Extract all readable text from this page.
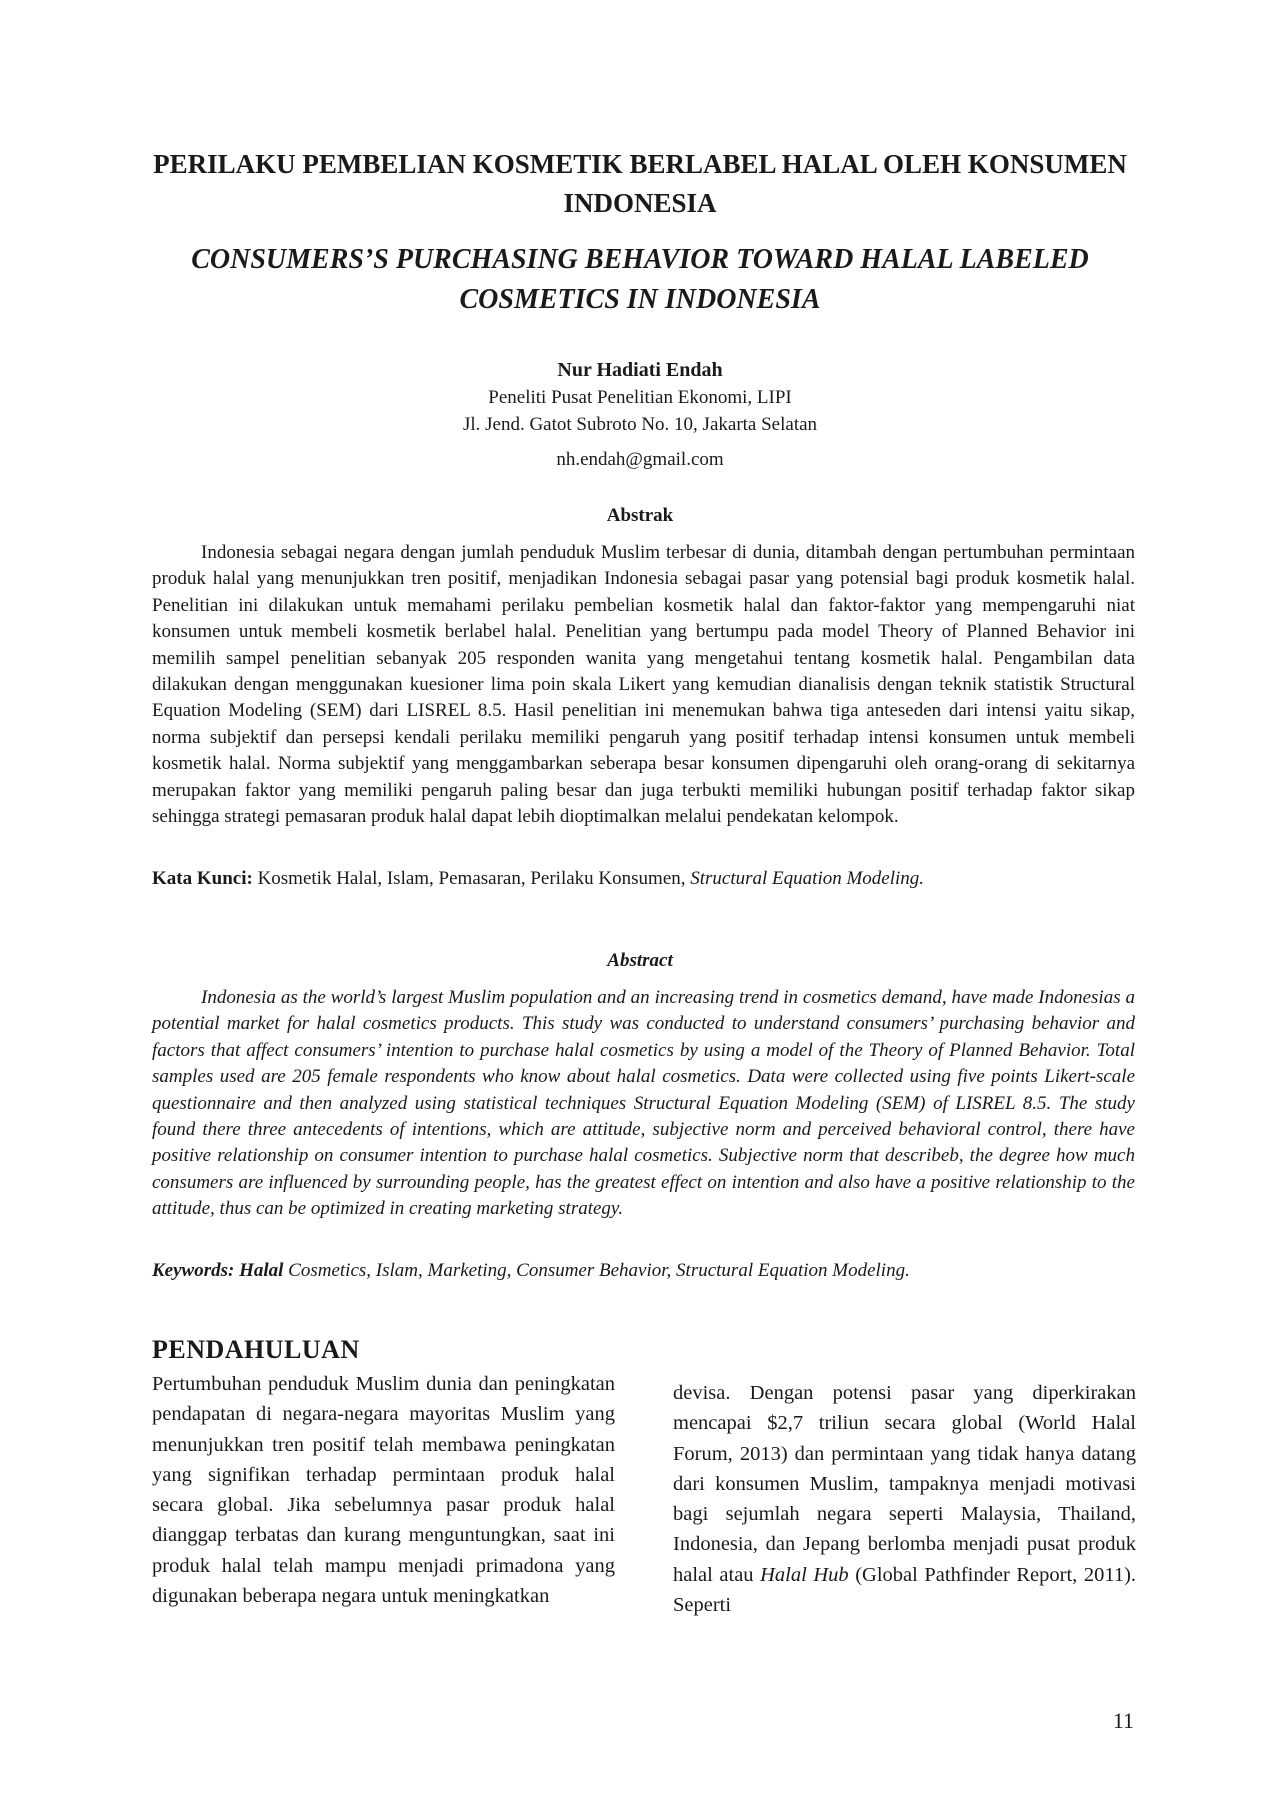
PERILAKU PEMBELIAN KOSMETIK BERLABEL HALAL OLEH KONSUMEN INDONESIA
CONSUMERS’S PURCHASING BEHAVIOR TOWARD HALAL LABELED COSMETICS IN INDONESIA
Nur Hadiati Endah
Peneliti Pusat Penelitian Ekonomi, LIPI
Jl. Jend. Gatot Subroto No. 10, Jakarta Selatan
nh.endah@gmail.com
Abstrak

Indonesia sebagai negara dengan jumlah penduduk Muslim terbesar di dunia, ditambah dengan pertumbuhan permintaan produk halal yang menunjukkan tren positif, menjadikan Indonesia sebagai pasar yang potensial bagi produk kosmetik halal. Penelitian ini dilakukan untuk memahami perilaku pembelian kosmetik halal dan faktor-faktor yang mempengaruhi niat konsumen untuk membeli kosmetik berlabel halal. Penelitian yang bertumpu pada model Theory of Planned Behavior ini memilih sampel penelitian sebanyak 205 responden wanita yang mengetahui tentang kosmetik halal. Pengambilan data dilakukan dengan menggunakan kuesioner lima poin skala Likert yang kemudian dianalisis dengan teknik statistik Structural Equation Modeling (SEM) dari LISREL 8.5. Hasil penelitian ini menemukan bahwa tiga anteseden dari intensi yaitu sikap, norma subjektif dan persepsi kendali perilaku memiliki pengaruh yang positif terhadap intensi konsumen untuk membeli kosmetik halal. Norma subjektif yang menggambarkan seberapa besar konsumen dipengaruhi oleh orang-orang di sekitarnya merupakan faktor yang memiliki pengaruh paling besar dan juga terbukti memiliki hubungan positif terhadap faktor sikap sehingga strategi pemasaran produk halal dapat lebih dioptimalkan melalui pendekatan kelompok.

Kata Kunci: Kosmetik Halal, Islam, Pemasaran, Perilaku Konsumen, Structural Equation Modeling.

Abstract

Indonesia as the world’s largest Muslim population and an increasing trend in cosmetics demand, have made Indonesias a potential market for halal cosmetics products. This study was conducted to understand consumers’ purchasing behavior and factors that affect consumers’ intention to purchase halal cosmetics by using a model of the Theory of Planned Behavior. Total samples used are 205 female respondents who know about halal cosmetics. Data were collected using five points Likert-scale questionnaire and then analyzed using statistical techniques Structural Equation Modeling (SEM) of LISREL 8.5. The study found there three antecedents of intentions, which are attitude, subjective norm and perceived behavioral control, there have positive relationship on consumer intention to purchase halal cosmetics. Subjective norm that describeb, the degree how much consumers are influenced by surrounding people, has the greatest effect on intention and also have a positive relationship to the attitude, thus can be optimized in creating marketing strategy.

Keywords: Halal Cosmetics, Islam, Marketing, Consumer Behavior, Structural Equation Modeling.

PENDAHULUAN

Pertumbuhan penduduk Muslim dunia dan peningkatan pendapatan di negara-negara mayoritas Muslim yang menunjukkan tren positif telah membawa peningkatan yang signifikan terhadap permintaan produk halal secara global. Jika sebelumnya pasar produk halal dianggap terbatas dan kurang menguntungkan, saat ini produk halal telah mampu menjadi primadona yang digunakan beberapa negara untuk meningkatkan

devisa. Dengan potensi pasar yang diperkirakan mencapai $2,7 triliun secara global (World Halal Forum, 2013) dan permintaan yang tidak hanya datang dari konsumen Muslim, tampaknya menjadi motivasi bagi sejumlah negara seperti Malaysia, Thailand, Indonesia, dan Jepang berlomba menjadi pusat produk halal atau Halal Hub (Global Pathfinder Report, 2011). Seperti

11
